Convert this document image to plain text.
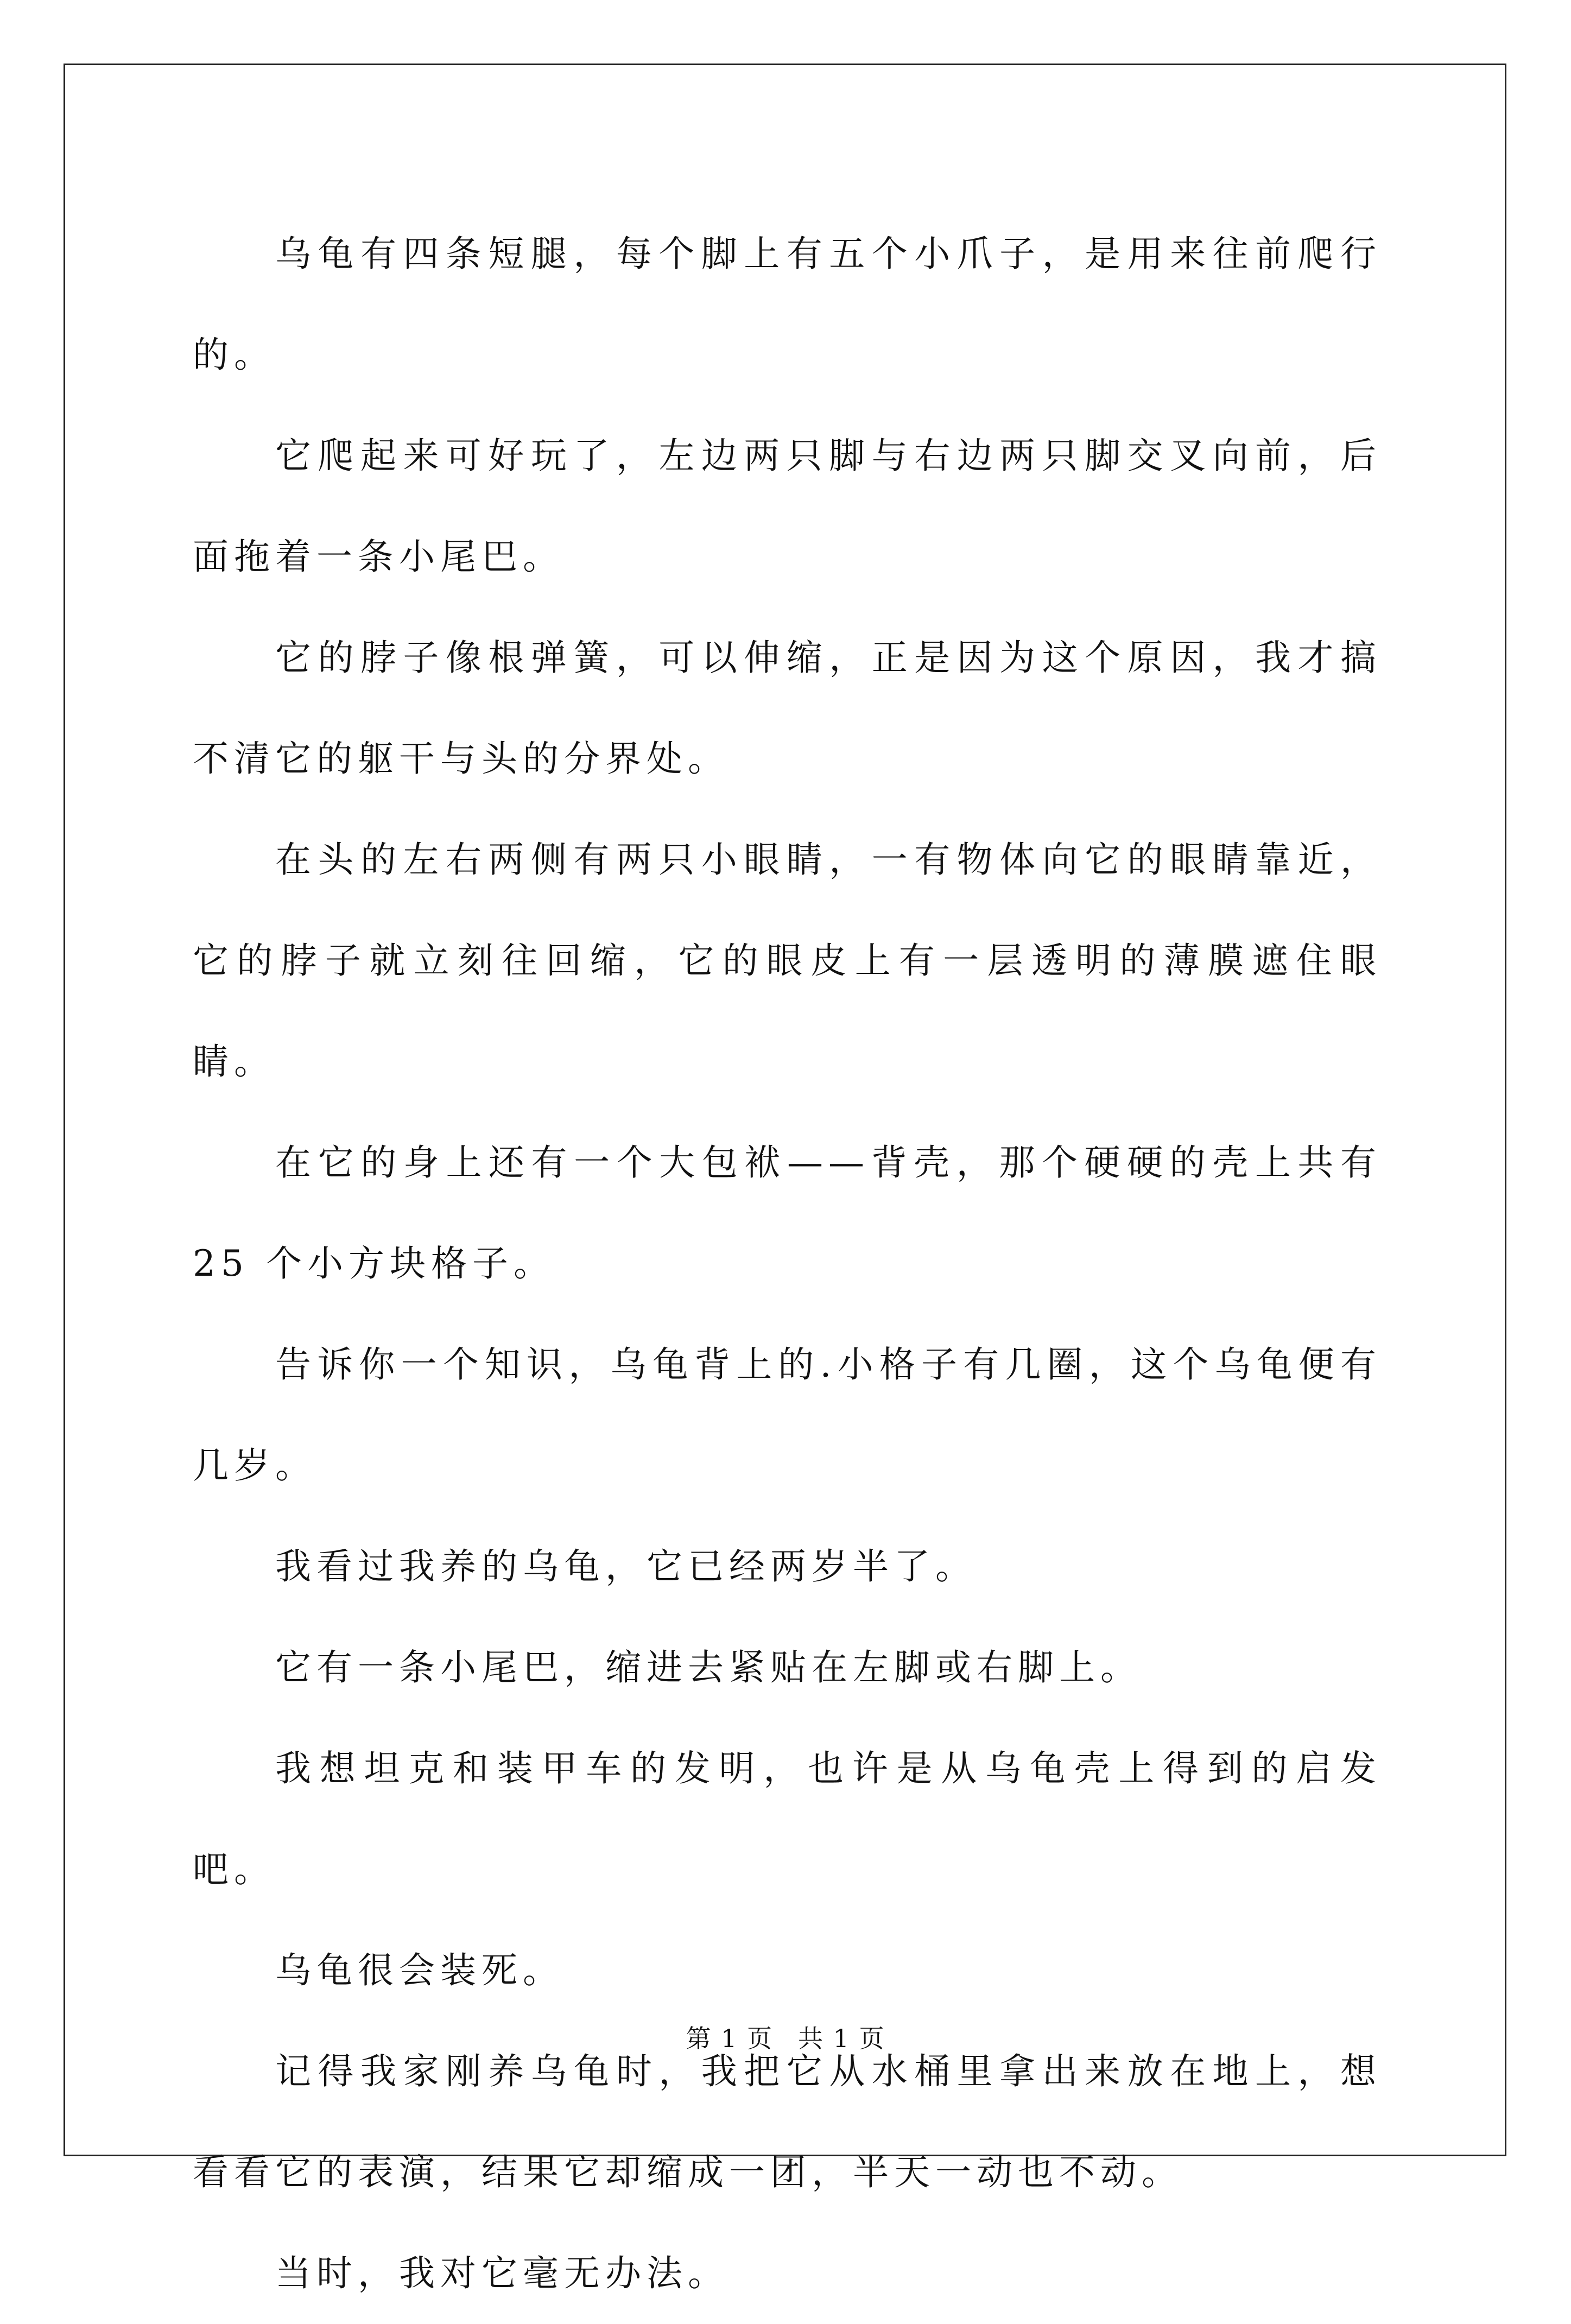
乌龟有四条短腿，每个脚上有五个小爪子，是用来往前爬行的。

它爬起来可好玩了，左边两只脚与右边两只脚交叉向前，后面拖着一条小尾巴。

它的脖子像根弹簧，可以伸缩，正是因为这个原因，我才搞不清它的躯干与头的分界处。

在头的左右两侧有两只小眼睛，一有物体向它的眼睛靠近，它的脖子就立刻往回缩，它的眼皮上有一层透明的薄膜遮住眼睛。

在它的身上还有一个大包袱——背壳，那个硬硬的壳上共有 25 个小方块格子。

告诉你一个知识，乌龟背上的.小格子有几圈，这个乌龟便有几岁。

我看过我养的乌龟，它已经两岁半了。

它有一条小尾巴，缩进去紧贴在左脚或右脚上。

我想坦克和装甲车的发明，也许是从乌龟壳上得到的启发吧。

乌龟很会装死。

记得我家刚养乌龟时，我把它从水桶里拿出来放在地上，想看看它的表演，结果它却缩成一团，半天一动也不动。

当时，我对它毫无办法。

第 1 页 共 1 页
